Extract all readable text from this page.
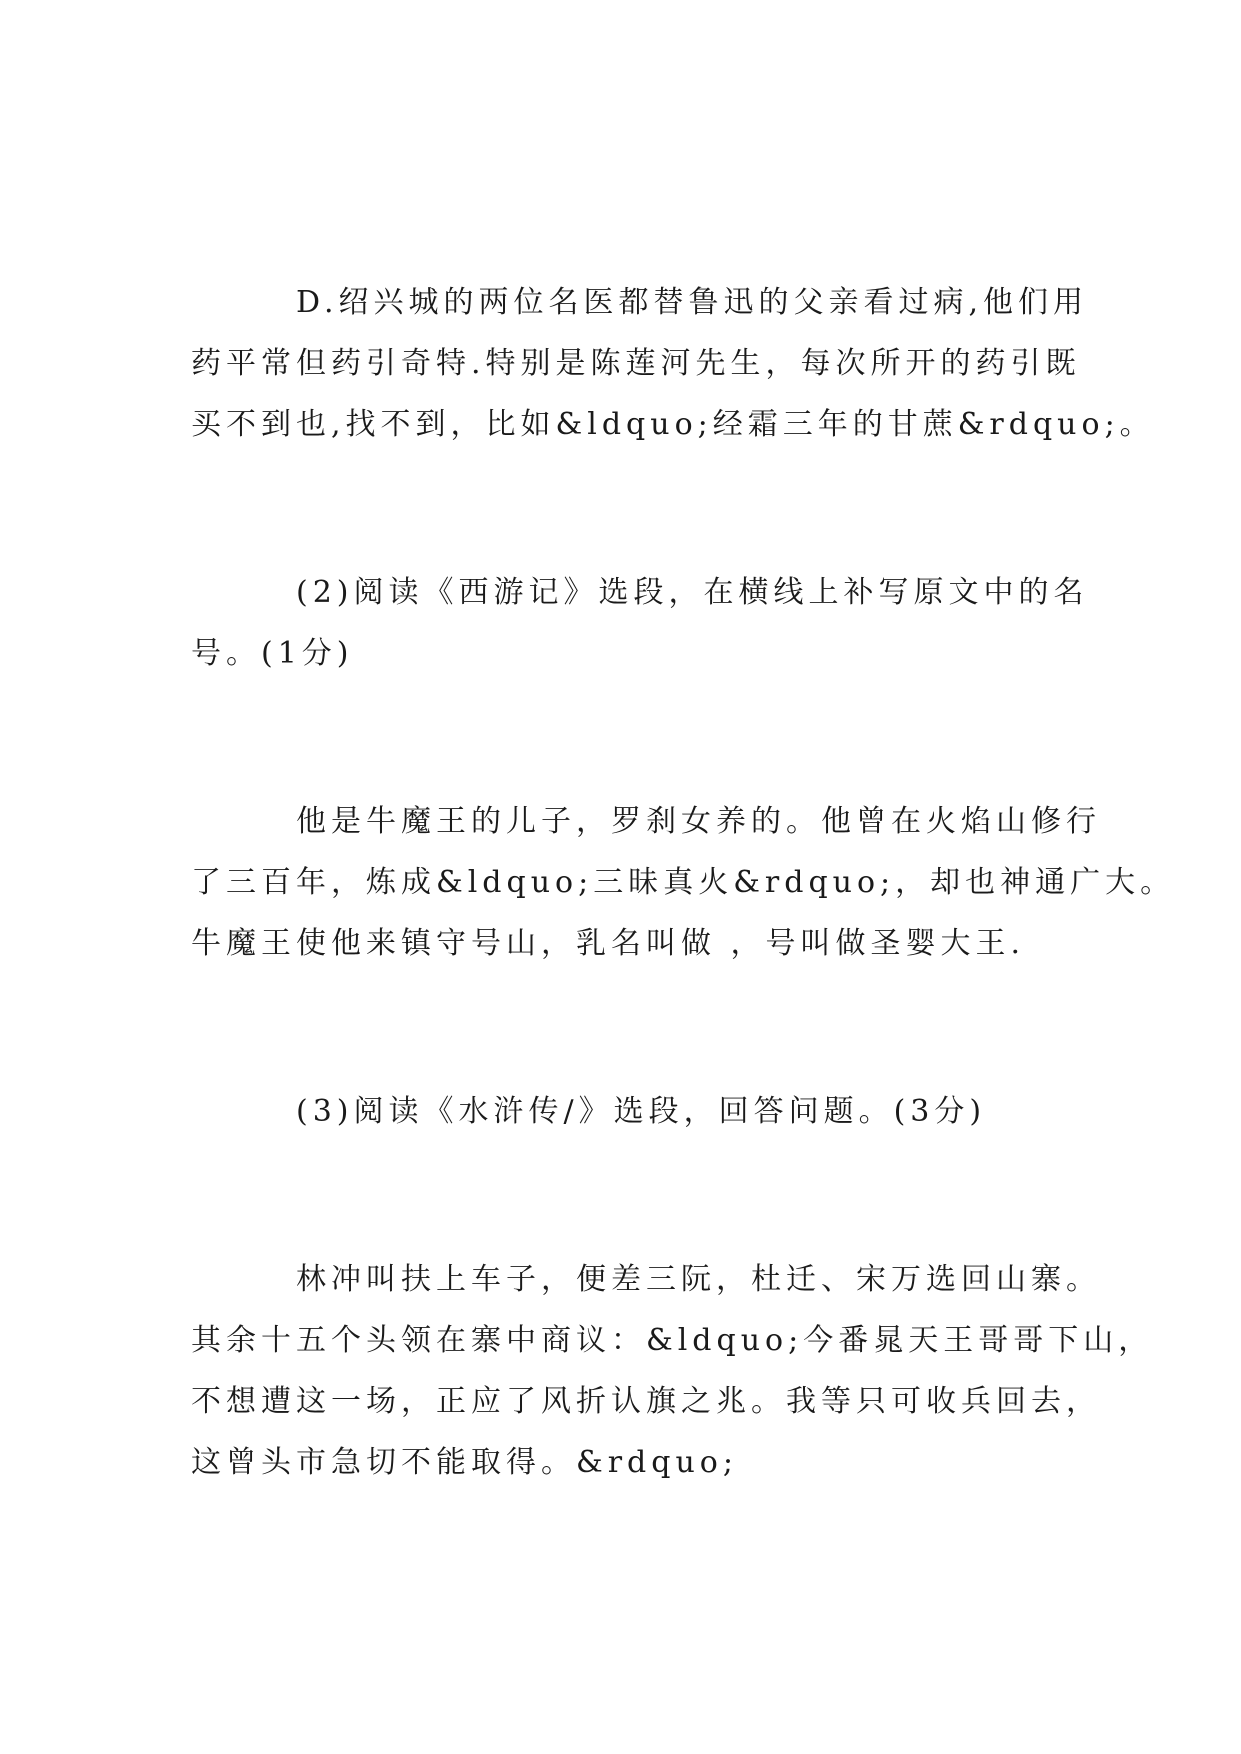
D.绍兴城的两位名医都替鲁迅的父亲看过病,他们用

药平常但药引奇特.特别是陈莲河先生，每次所开的药引既

买不到也,找不到，比如&ldquo;经霜三年的甘蔗&rdquo;。

(2)阅读《西游记》选段，在横线上补写原文中的名

号。(1分)

他是牛魔王的儿子，罗刹女养的。他曾在火焰山修行

了三百年，炼成&ldquo;三昧真火&rdquo;，却也神通广大。

牛魔王使他来镇守号山，乳名叫做 ，号叫做圣婴大王.

(3)阅读《水浒传/》选段，回答问题。(3分)

林冲叫扶上车子，便差三阮，杜迁、宋万选回山寨。

其余十五个头领在寨中商议：&ldquo;今番晁天王哥哥下山，

不想遭这一场，正应了风折认旗之兆。我等只可收兵回去，

这曾头市急切不能取得。&rdquo;
